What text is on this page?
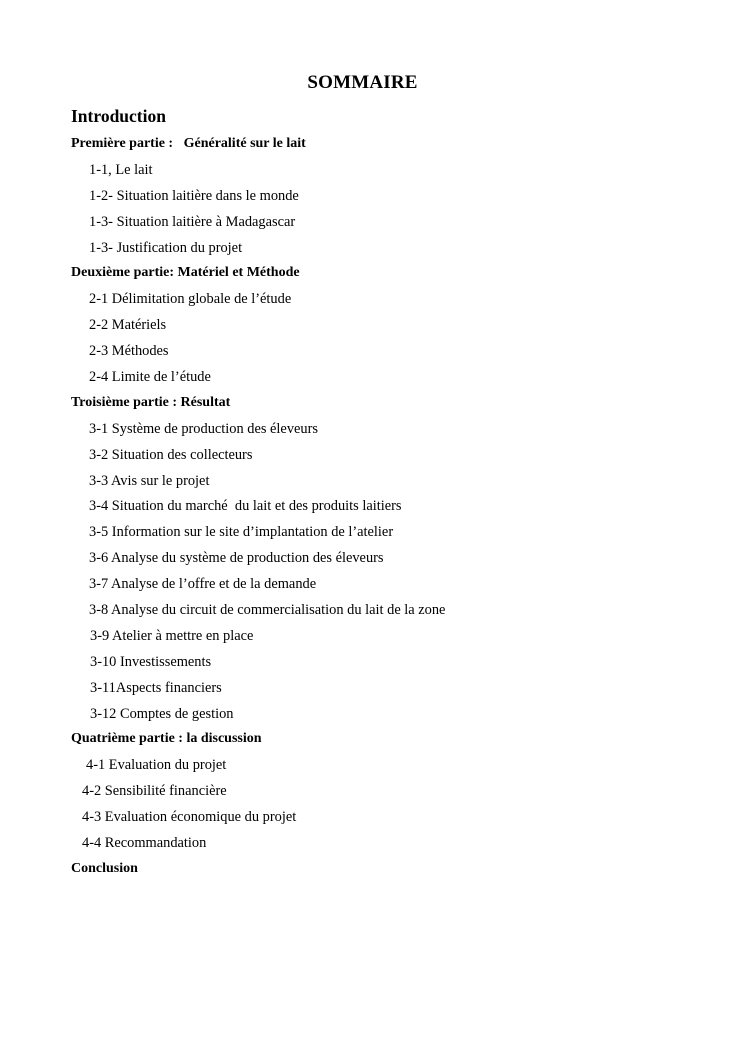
SOMMAIRE
Introduction
Première partie :   Généralité sur le lait
1-1, Le lait
1-2- Situation laitière dans le monde
1-3- Situation laitière à Madagascar
1-3- Justification du projet
Deuxième partie: Matériel et Méthode
2-1 Délimitation globale de l’étude
2-2 Matériels
2-3 Méthodes
2-4 Limite de l’étude
Troisième partie : Résultat
3-1 Système de production des éleveurs
3-2 Situation des collecteurs
3-3 Avis sur le projet
3-4 Situation du marché  du lait et des produits laitiers
3-5 Information sur le site d’implantation de l’atelier
3-6 Analyse du système de production des éleveurs
3-7 Analyse de l’offre et de la demande
3-8 Analyse du circuit de commercialisation du lait de la zone
3-9 Atelier à mettre en place
3-10 Investissements
3-11Aspects financiers
3-12 Comptes de gestion
Quatrième partie : la discussion
4-1 Evaluation du projet
4-2 Sensibilité financière
4-3 Evaluation économique du projet
4-4 Recommandation
Conclusion
